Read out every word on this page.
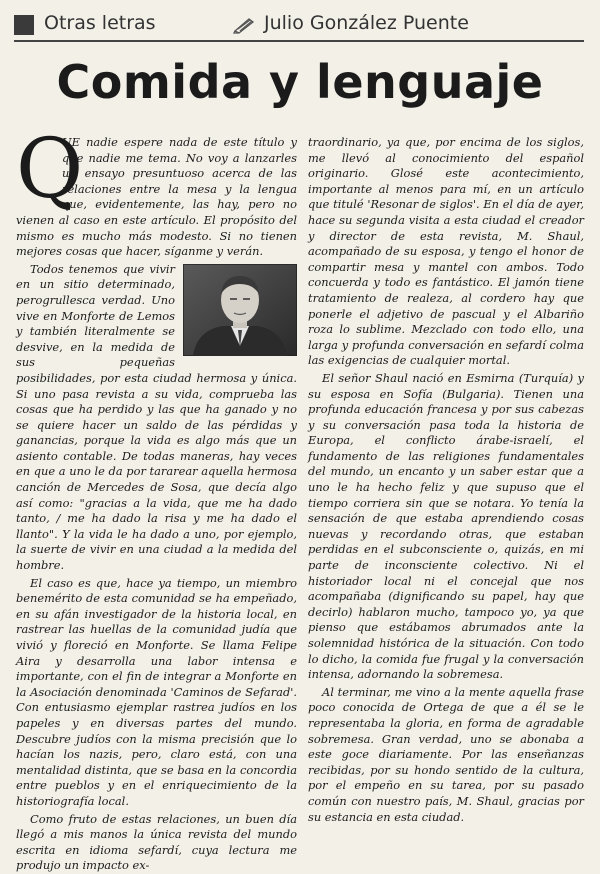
Otras letras	Julio González Puente
Comida y lenguaje

Q
UE nadie espere nada de este título y que nadie me tema. No voy a lanzarles un ensayo presuntuoso acerca de las relaciones entre la mesa y la lengua que, evidentemente, las hay, pero no vienen al caso en este artículo. El propósito del mismo es mucho más modesto. Si no tienen mejores cosas que hacer, síganme y verán.

Todos tenemos que vivir en un sitio determinado, perogrullesca verdad. Uno vive en Monforte de Lemos y también literalmente se desvive, en la medida de sus pequeñas posibilidades, por esta ciudad hermosa y única. Si uno pasa revista a su vida, comprueba las cosas que ha perdido y las que ha ganado y no se quiere hacer un saldo de las pérdidas y ganancias, porque la vida es algo más que un asiento contable. De todas maneras, hay veces en que a uno le da por tararear aquella hermosa canción de Mercedes de Sosa, que decía algo así como: "gracias a la vida, que me ha dado tanto, / me ha dado la risa y me ha dado el llanto". Y la vida le ha dado a uno, por ejemplo, la suerte de vivir en una ciudad a la medida del hombre.

El caso es que, hace ya tiempo, un miembro benemérito de esta comunidad se ha empeñado, en su afán investigador de la historia local, en rastrear las huellas de la comunidad judía que vivió y floreció en Monforte. Se llama Felipe Aira y desarrolla una labor intensa e importante, con el fin de integrar a Monforte en la Asociación denominada 'Caminos de Sefarad'. Con entusiasmo ejemplar rastrea judíos en los papeles y en diversas partes del mundo. Descubre judíos con la misma precisión que lo hacían los nazis, pero, claro está, con una mentalidad distinta, que se basa en la concordia entre pueblos y en el enriquecimiento de la historiografía local.

Como fruto de estas relaciones, un buen día llegó a mis manos la única revista del mundo escrita en idioma sefardí, cuya lectura me produjo un impacto ex-

traordinario, ya que, por encima de los siglos, me llevó al conocimiento del español originario. Glosé este acontecimiento, importante al menos para mí, en un artículo que titulé 'Resonar de siglos'. En el día de ayer, hace su segunda visita a esta ciudad el creador y director de esta revista, M. Shaul, acompañado de su esposa, y tengo el honor de compartir mesa y mantel con ambos. Todo concuerda y todo es fantástico. El jamón tiene tratamiento de realeza, al cordero hay que ponerle el adjetivo de pascual y el Albariño roza lo sublime. Mezclado con todo ello, una larga y profunda conversación en sefardí colma las exigencias de cualquier mortal.

El señor Shaul nació en Esmirna (Turquía) y su esposa en Sofía (Bulgaria). Tienen una profunda educación francesa y por sus cabezas y su conversación pasa toda la historia de Europa, el conflicto árabe-israelí, el fundamento de las religiones fundamentales del mundo, un encanto y un saber estar que a uno le ha hecho feliz y que supuso que el tiempo corriera sin que se notara. Yo tenía la sensación de que estaba aprendiendo cosas nuevas y recordando otras, que estaban perdidas en el subconsciente o, quizás, en mi parte de inconsciente colectivo. Ni el historiador local ni el concejal que nos acompañaba (dignificando su papel, hay que decirlo) hablaron mucho, tampoco yo, ya que pienso que estábamos abrumados ante la solemnidad histórica de la situación. Con todo lo dicho, la comida fue frugal y la conversación intensa, adornando la sobremesa.

Al terminar, me vino a la mente aquella frase poco conocida de Ortega de que a él se le representaba la gloria, en forma de agradable sobremesa. Gran verdad, uno se abonaba a este goce diariamente. Por las enseñanzas recibidas, por su hondo sentido de la cultura, por el empeño en su tarea, por su pasado común con nuestro país, M. Shaul, gracias por su estancia en esta ciudad.
